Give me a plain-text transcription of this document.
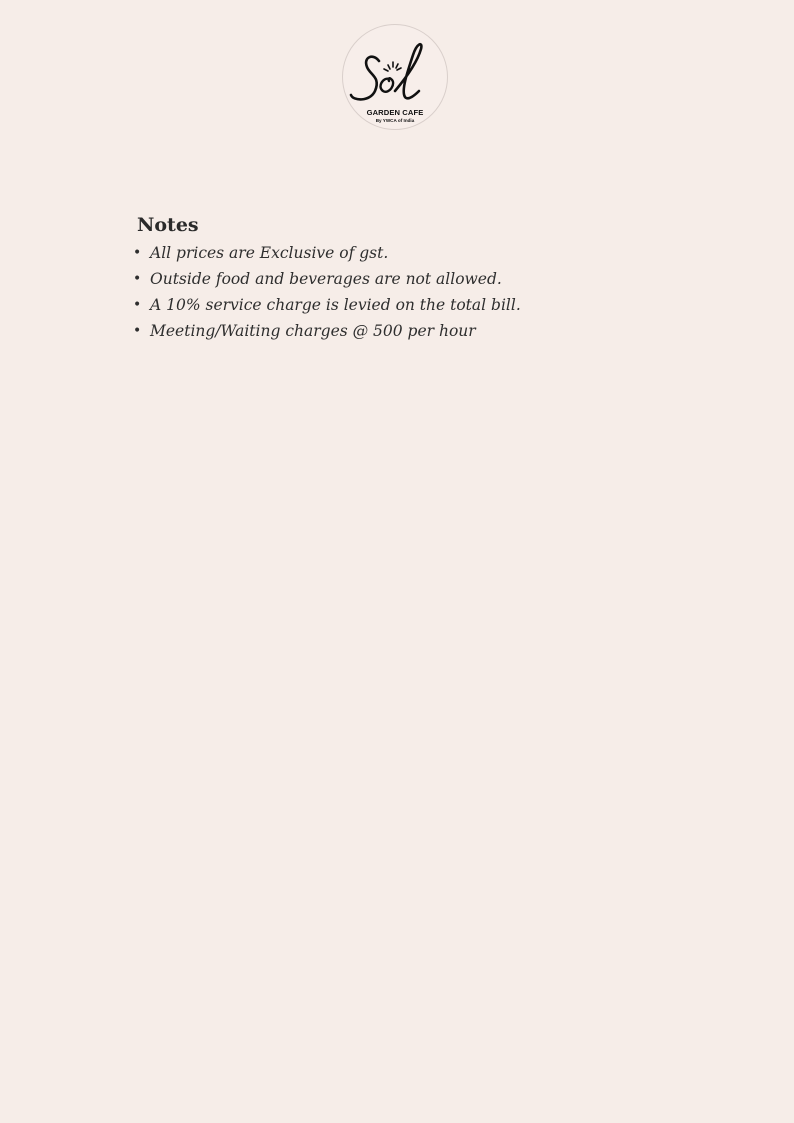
GARDEN CAFE
By YWCA of India
Notes
• All prices are Exclusive of gst.
• Outside food and beverages are not allowed.
• A 10% service charge is levied on the total bill.
• Meeting/Waiting charges @ 500 per hour
